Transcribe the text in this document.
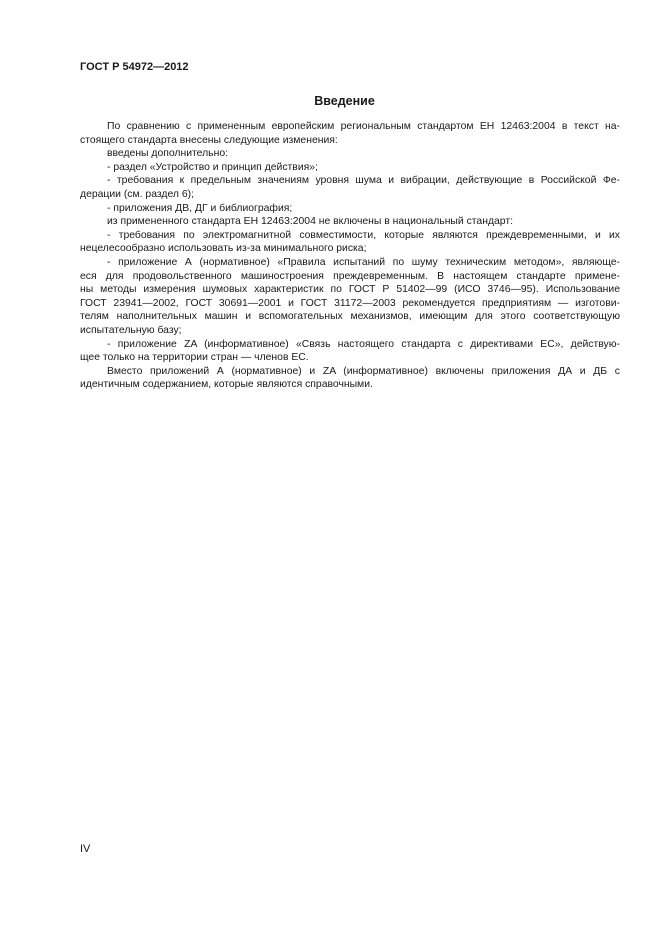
ГОСТ Р 54972—2012
Введение
По сравнению с примененным европейским региональным стандартом ЕН 12463:2004 в текст на-
стоящего стандарта внесены следующие изменения:
введены дополнительно:
- раздел «Устройство и принцип действия»;
- требования к предельным значениям уровня шума и вибрации, действующие в Российской Фе-
дерации (см. раздел 6);
- приложения ДВ, ДГ и библиография;
из примененного стандарта ЕН 12463:2004 не включены в национальный стандарт:
- требования по электромагнитной совместимости, которые являются преждевременными, и их
нецелесообразно использовать из-за минимального риска;
- приложение А (нормативное) «Правила испытаний по шуму техническим методом», являюще-
еся для продовольственного машиностроения преждевременным. В настоящем стандарте примене-
ны методы измерения шумовых характеристик по ГОСТ Р 51402—99 (ИСО 3746—95). Использование
ГОСТ 23941—2002, ГОСТ 30691—2001 и ГОСТ 31172—2003 рекомендуется предприятиям — изготови-
телям наполнительных машин и вспомогательных механизмов, имеющим для этого соответствующую
испытательную базу;
- приложение ZA (информативное) «Связь настоящего стандарта с директивами ЕС», действую-
щее только на территории стран — членов ЕС.
Вместо приложений А (нормативное) и ZA (информативное) включены приложения ДА и ДБ с
идентичным содержанием, которые являются справочными.
IV
